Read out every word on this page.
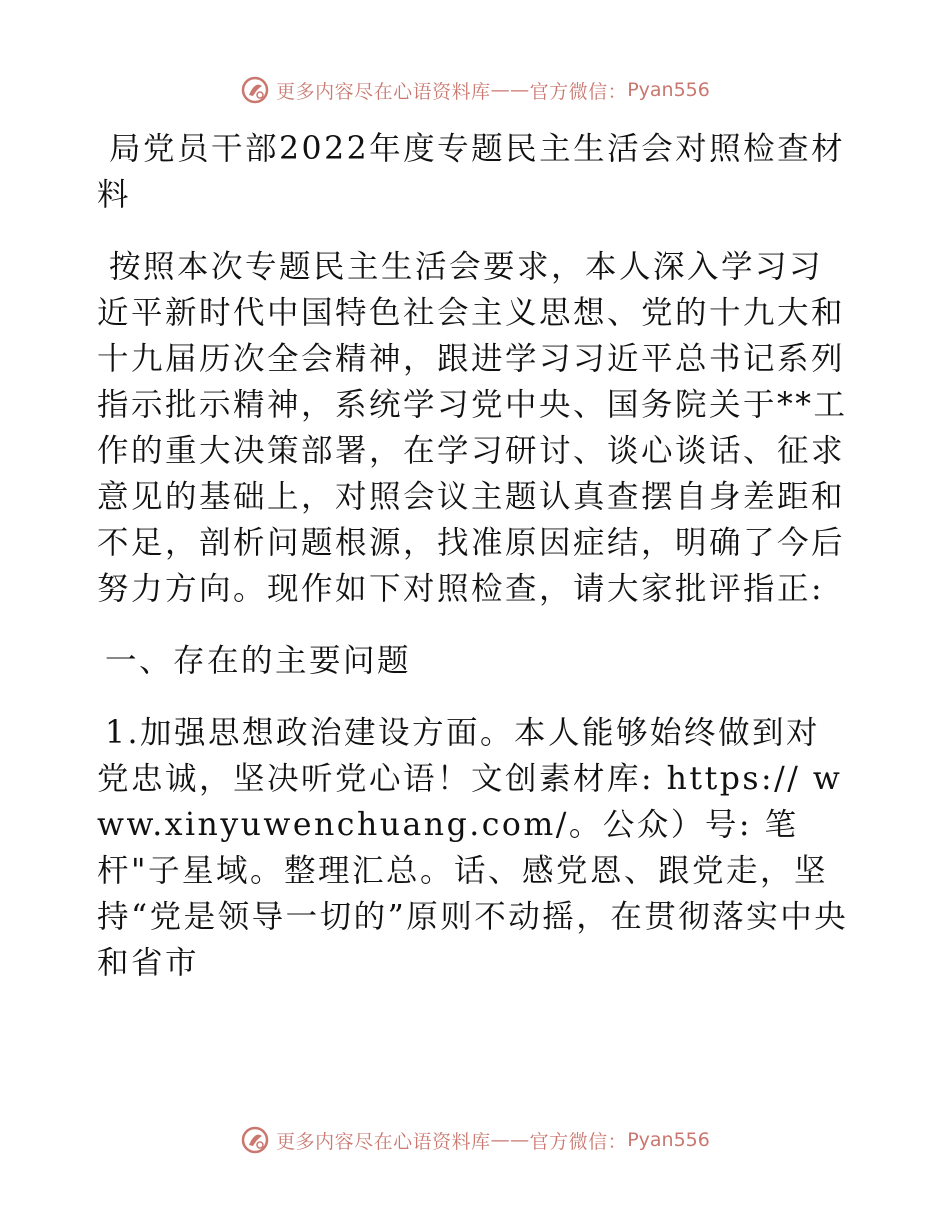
更多内容尽在心语资料库 —— 官方微信： Pyan556

局党员干部2022年度专题民主生活会对照检查材料

按照本次专题民主生活会要求，本人深入学习习近平新时代中国特色社会主义思想、党的十九大和十九届历次全会精神，跟进学习习近平总书记系列指示批示精神，系统学习党中央、国务院关于**工作的重大决策部署，在学习研讨、谈心谈话、征求意见的基础上，对照会议主题认真查摆自身差距和不足，剖析问题根源，找准原因症结，明确了今后努力方向。现作如下对照检查，请大家批评指正:

一、存在的主要问题

1.加强思想政治建设方面。本人能够始终做到对党忠诚，坚决听党心语！文创素材库: https:// www.xinyuwenchuang.com/。公众）号: 笔杆"子星域。整理汇总。话、感党恩、跟党走，坚持“党是领导一切的”原则不动摇，在贯彻落实中央和省市

更多内容尽在心语资料库 —— 官方微信： Pyan556
